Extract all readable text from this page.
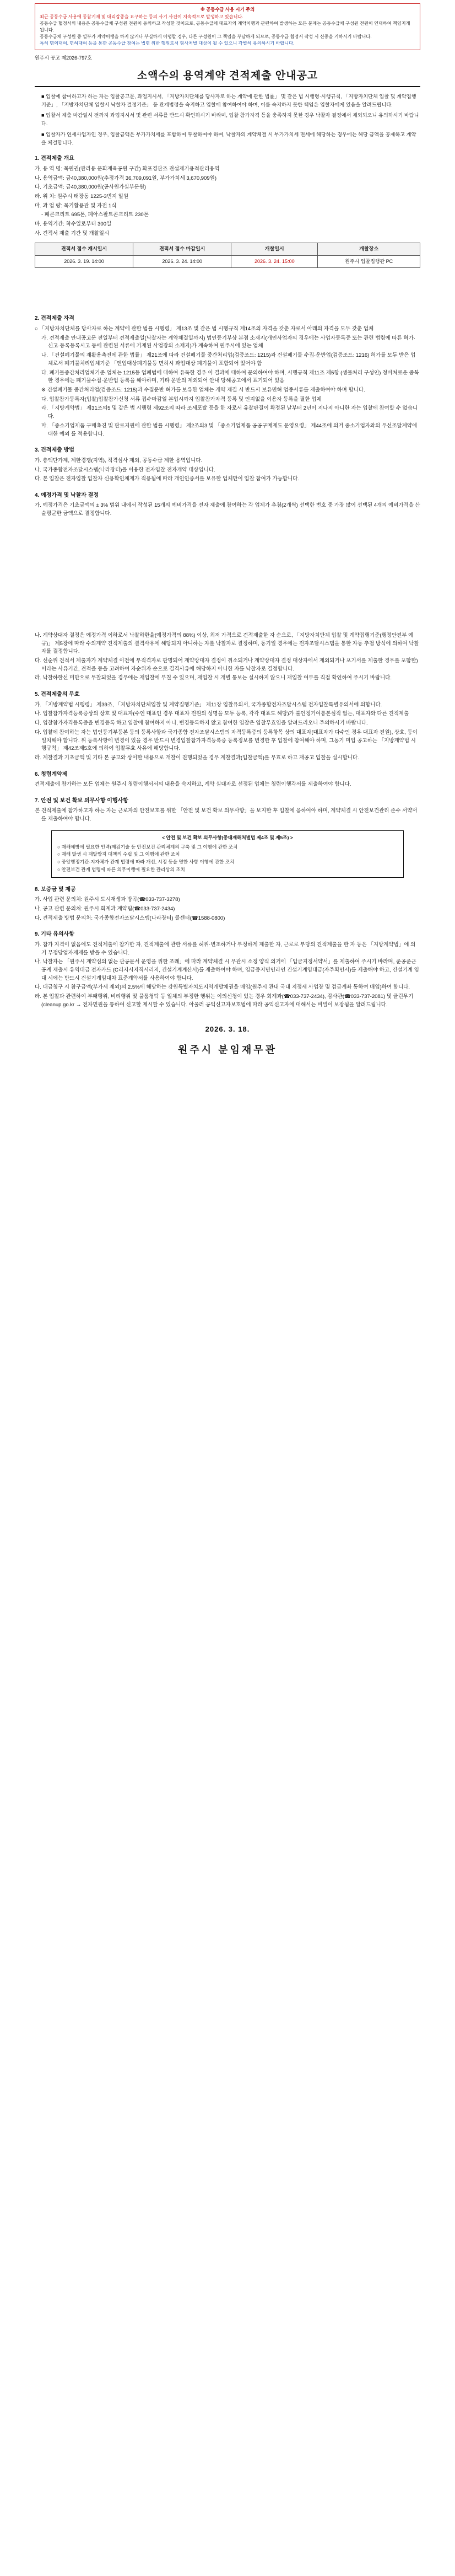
※ 공동수급 사용 시기 주의
최근 공동수급 사용에 동참기재 및 대리감종을 요구하는 등의 사기 사건이 지속적으로 발생하고 있습니다.
공동수급 협정서의 내용은 공동수급체 구성원 전원이 동의하고 작성한 것이므로, 공동수급체 대표자의 계약이행과 관련하여 발생하는 모든 문제는 공동수급체 구성원 전원이 연대하여 책임지게 됩니다.
공동수급체 구성원 중 일부가 계약이행을 하지 않거나 부실하게 이행할 경우, 다른 구성원이 그 책임을 부담하게 되므로, 공동수급 협정서 작성 시 신중을 기하시기 바랍니다.
특히 명의대여, 면허대여 등을 통한 공동수급 참여는 법령 위반 행위로서 형사처벌 대상이 될 수 있으니 각별히 유의하시기 바랍니다.
원주시 공고 제2026-797호
소액수의 용역계약 견적제출 안내공고

■ 입찰에 참여하고자 하는 자는 입찰공고문, 과업지시서, 「지방자치단체를 당사자로 하는 계약에 관한 법률」 및 같은 법 시행령·시행규칙, 「지방자치단체 입찰 및 계약집행기준」, 「지방자치단체 입찰시 낙찰자 결정기준」 등 관계법령을 숙지하고 입찰에 참여하여야 하며, 이를 숙지하지 못한 책임은 입찰자에게 있음을 알려드립니다.

■ 입찰서 제출 마감일시 전까지 과업지시서 및 관련 서류를 반드시 확인하시기 바라며, 입찰 참가자격 등을 충족하지 못한 경우 낙찰자 결정에서 제외되오니 유의하시기 바랍니다.

■ 입찰자가 연세사업자인 경우, 입찰금액은 부가가치세를 포함하여 투찰하여야 하며, 낙찰자의 계약체결 시 부가가치세 면세에 해당하는 경우에는 해당 금액을 공제하고 계약을 체결합니다.

1. 견적제출 개요
가. 용 역 명: 목원권(관리용 문화재육공원 구간) 화포경관조 견설제기용적관리용역
나. 용역금액: 금40,380,000원(추정가격 36,709,091원, 부가가치세 3,670,909원)
다. 기초금액: 금40,380,000원(공사원가실부문원)
라. 위 치: 원주시 태장동 1225-3번지 일원
마. 과 업 량: 목기활용관 및 자전 1식
- 폐콘크리트 695톤, 폐아스팔트콘크리트 230톤
바. 용역기간: 착수일로부터 300일
사. 견적서 제출 기간 및 개찰일시
견적서 접수 개시일시	견적서 접수 마감일시	개찰일시	개찰장소
2026. 3. 19. 14:00	2026. 3. 24. 14:00	2026. 3. 24. 15:00	원주시 입찰집행관 PC
2. 견적제출 자격
○ 「지방자치단체를 당사자로 하는 계약에 관한 법률 시행령」 제13조 및 같은 법 시행규칙 제14조의 자격을 갖춘 자로서 아래의 자격을 모두 갖춘 업체
가. 견적제출 안내공고문 전일부터 견적제출일(낙찰자는 계약체결일까지) 법인등기부상 본점 소재지(개인사업자의 경우에는 사업자등록증 또는 관련 법령에 따른 허가·신고·등록등록시고 등에 관련된 서류에 기재된 사업장의 소재지)가 계속하여 원주시에 있는 업체
나. 「건설폐기물의 재활용촉진에 관한 법률」 제21조에 따라 건설폐기물 중간처리업(검증조드: 1215)과 건설폐기물 수집·운반업(검증조드: 1216) 허가를 모두 받은 업체로서 폐기물처리업체기준 「엔업대상폐기물등 면허시 과업대상 폐기물이 포함되어 있어야 함
다. 폐기물중간처리업체기준·업체는 1215등 업폐법에 대하여 유독한 경우 이 결과에 대하여 문의하여야 하며, 시행규칙 제11조 제5항 (생물처리 구성인) 정비처로운 중복한 경우에는 폐기물수집·운반업 등록을 해야하며, 기타 운반의 제외되어 안내 당해공고에서 표기되어 있음
※ 건설폐기물 중간처리업(검증조드: 1215)과 수집운반 허가를 보유한 업체는 개약 제결 시 반드시 보유면허 업종서류를 제출하여야 하며 합니다.
다. 입찰참가등록자(입찰)입찰참가신청 서류 접수마감일 본업시까지 입찰참가자격 등록 및 인지없을 이용자 등록을 필한 업체
라. 「지방계약법」 제31조의5 및 같은 법 시행령 제92조의 따라 조세포탈 등을 한 자로서 유찰판결이 확정된 날부터 2년이 지나지 아니한 자는 입찰에 참여할 수 없습니다.
마. 「중소기업제품 구매촉진 및 판로지원에 관한 법률 시행령」 제2조의3 및 「중소기업제품 공공구매제도 운영요령」 제44조에 의거 중소기업자와의 우선조달계약에 대한 예외 를 적용합니다.
3. 견적제출 방법
가. 총액단가제, 제한경쟁(지역), 적격심사 제외, 공동수급 제한 용역입니다.
나. 국가종합전자조달시스템(나라장터)을 이용한 전자입찰 전자개약 대상입니다.
다. 본 입찰은 전자입찰 입찰자 신용확인체제가 적용됨에 따라 개인인증서를 보유한 업체만이 입찰 참여가 가능합니다.
4. 예정가격 및 낙찰자 결정
가. 예정가격은 기초금액의 ± 3% 범위 내에서 작성된 15개의 예비가격을 전자 제출에 참여하는 각 업체가 추첨(2개씩) 선택한 번호 중 가장 많이 선택된 4개의 예비가격을 산술평균한 금액으로 결정합니다.
나. 계약상대자 결정은 예정가격 이하로서 낙찰하한율(예정가격의 88%) 이상, 최저 가격으로 견적제출한 자 순으로, 「지방자치단체 입찰 및 계약집행기준(행정안전부 예규)」 제5장에 따라 수의계약 견적제출의 결격사유에 해당되지 아니하는 자를 낙찰자로 결정하며, 동기일 경우에는 전자조달시스템을 통한 자동 추첨 방식에 의하여 낙찰자를 결정합니다.
다. 선순위 견적서 제출자가 계약체결 이전에 부적격자로 판명되어 계약상대자 결정이 취소되거나 계약상대자 결정 대상자에서 제외되거나 포기서를 제출한 경우를 포함한)이라는 사유기간, 견적을 등을 고려하여 자순위자 순으로 결격사유에 해당하지 아니한 자를 낙찰자로 결정합니다.
라. 낙찰하한선 미만으로 투찰되었을 경우에는 재입찰에 부칠 수 있으며, 재입찰 시 개별 통보는 실시하지 않으니 재입찰 여부를 직접 확인하여 주시기 바랍니다.
5. 견적제출의 무효
가. 「지방계약법 시행령」 제39조, 「지방자치단체입찰 및 계약집행기준」 제11장 입찰유의서, 국가종합전자조달시스템 전자입찰특별유의서에 의합니다.
나. 입찰참가자격등록증상의 상호 및 대표자(수인 대표인 경우 대표자 전원의 성명을 모두 등록, 각각 대표도 해당)가 불인정기여통본심적 없는, 대표자와 다른 견적제출
다. 입찰참가자격등록증을 변경등록 하고 입찰에 참여하지 아니, 변경등록하지 않고 참여한 입찰은 입찰무효임을 알려드리오니 주의하시기 바랍니다.
다. 입찰에 참여하는 자는 법인등기부등본 등의 등록사항과 국가종합 전자조달시스템의 자격등록증의 등록항목 상의 대표자(대표자가 다수인 경우 대표자 전원), 상호, 등이 일치해야 합니다. 위 등록사항에 변경이 있을 경우 반드시 변경입찰참가자격등록증 등록정보를 변경한 후 입찰에 참여해야 하며, 그동기 미입 공고하는 「지방계약법 시행규칙」 제42조제5호에 의하여 입찰무효 사유에 해당합니다.
라. 계찰결과 기초금액 및 기타 본 공고와 상이한 내용으로 개찰이 진행되었을 경우 계찰결과(입찰금액)를 무효로 하고 재공고 입찰을 실시합니다.
6. 청렴계약제
견적제출에 참가하는 모든 업체는 원주시 청렴이행서서의 내용을 숙지하고, 계약 실대자로 선정된 업체는 청렴이행각서를 제출하여야 합니다.
7. 안전 및 보건 확보 의무사항 이행사항
본 견적제출에 참가하고자 하는 자는 근로자의 안전보호를 위한 「안전 및 보건 확보 의무사항」을 보지한 후 입찰에 응하여야 하며, 계약체결 시 안전보건관리 준수 서약서를 제출하여야 합니다.
< 안전 및 보건 확보 의무사항(중대재해처벌법 제4조 및 제5조) >
○ 재해예방에 필요한 인력(제검기술 등 안전보건 관리체계의 구축 및 그 이행에 관한 조치
○ 재해 발생 시 재발방지 대책의 수립 및 그 이행에 관한 조치
○ 중앙행정기관·지자체가 관계 법령에 따라 개선, 시정 등을 명한 사항 이행에 관한 조치
○ 안전보건 관계 법령에 따른 의무이행에 필요한 관리상의 조치
8. 보증금 및 제공
가. 사업 관련 문의처: 원주시 도시재생과 방곡(☎033-737-3278)
나. 공고 관련 문의처: 원주시 회계과 계약팀(☎033-737-2434)
다. 견적제출 방법 문의처: 국가종합전자조달시스템(나라장터) 콜센터(☎1588-0800)
9. 기타 유의사항
가. 참가 지격이 없음에도 견적제출에 참가한 자, 견적제출에 관한 서류를 허위·변조하거나 부정하게 제출한 자, 근로로 부당의 견적제출을 한 자 등은 「지방계약법」에 의거 부정당업자제재를 받을 수 있습니다.
나. 낙찰자는 「원주시 계약심의 없는 관공문서 운영을 위한 조례」에 따라 계약체결 시 무관시 소정 양식 의거에 「입금지정서약서」를 제출하여 주시기 바라며, 준공준근공계 제출시 유역대금 전자카드 (C리지시지직시리지, 건설기계계산서)를 제출하여야 하며, 입금증지면인라인 건설기계임대금(자주획인서)를 제출해야 하고, 건설기계 임대 시에는 반드시 건설기계임대차 표준계약서를 사용하여야 합니다.
다. 대금청구 시 참구금액(부가세 제외)의 2.5%에 해당하는 강원특별자치도지역개발채권을 매입(원주시 관내 국내 지정세 사업장 몇 검금계좌 통하여 매입)하여 합니다.
라. 본 입찰과 관련하여 부패행위, 비리행위 및 물품청탁 등 일체의 부정한 행위는 이의신청이 있는 경우 회계과(☎033-737-2434), 감사관(☎033-737-2081) 및 클린무기(cleanup.go.kr → 전자민원을 통하여 신고할 제시할 수 있습니다. 아울러 공익신고자보호법에 따라 공익신고자에 대해서는 비밀이 보장됨을 알려드립니다.
2026. 3. 18.
원주시 분임재무관
